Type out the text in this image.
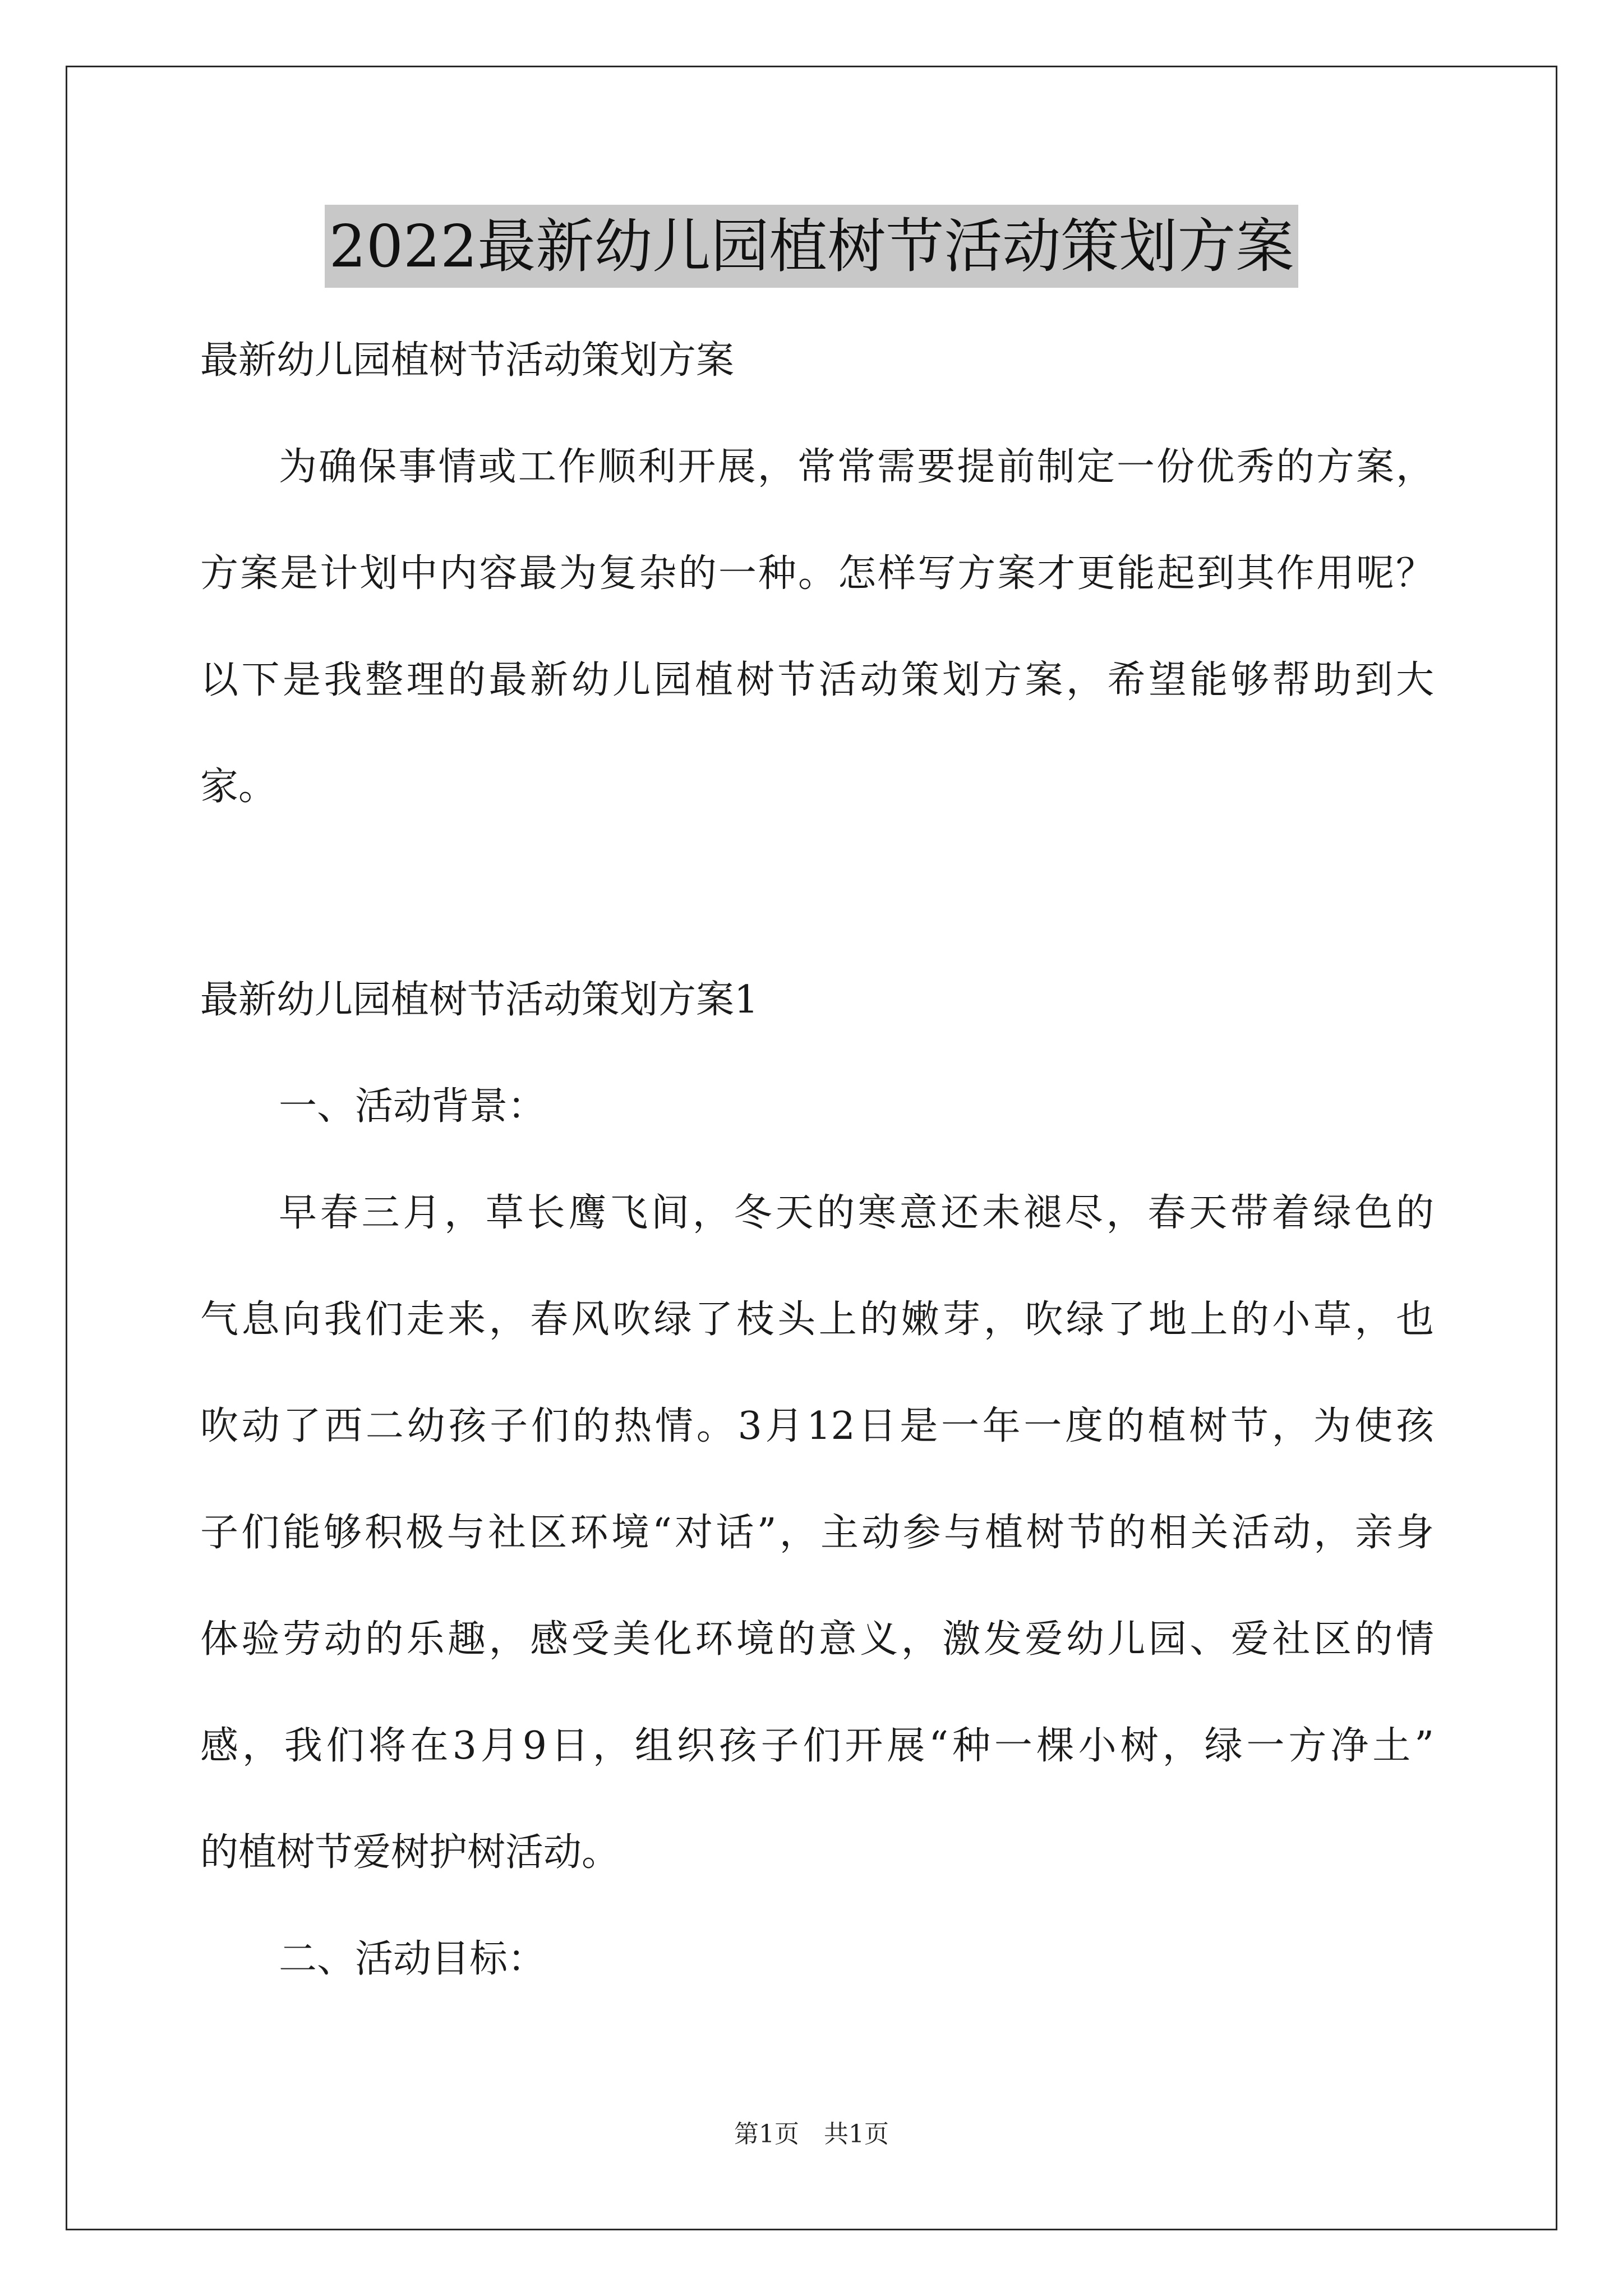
2022最新幼儿园植树节活动策划方案
最新幼儿园植树节活动策划方案
为确保事情或工作顺利开展，常常需要提前制定一份优秀的方案，
方案是计划中内容最为复杂的一种。怎样写方案才更能起到其作用呢？
以下是我整理的最新幼儿园植树节活动策划方案，希望能够帮助到大
家。
最新幼儿园植树节活动策划方案1
一、活动背景：
早春三月，草长鹰飞间，冬天的寒意还未褪尽，春天带着绿色的
气息向我们走来，春风吹绿了枝头上的嫩芽，吹绿了地上的小草，也
吹动了西二幼孩子们的热情。3月12日是一年一度的植树节，为使孩
子们能够积极与社区环境“对话”，主动参与植树节的相关活动，亲身
体验劳动的乐趣，感受美化环境的意义，激发爱幼儿园、爱社区的情
感，我们将在3月9日，组织孩子们开展“种一棵小树，绿一方净土”
的植树节爱树护树活动。
二、活动目标：
第1页 共1页
